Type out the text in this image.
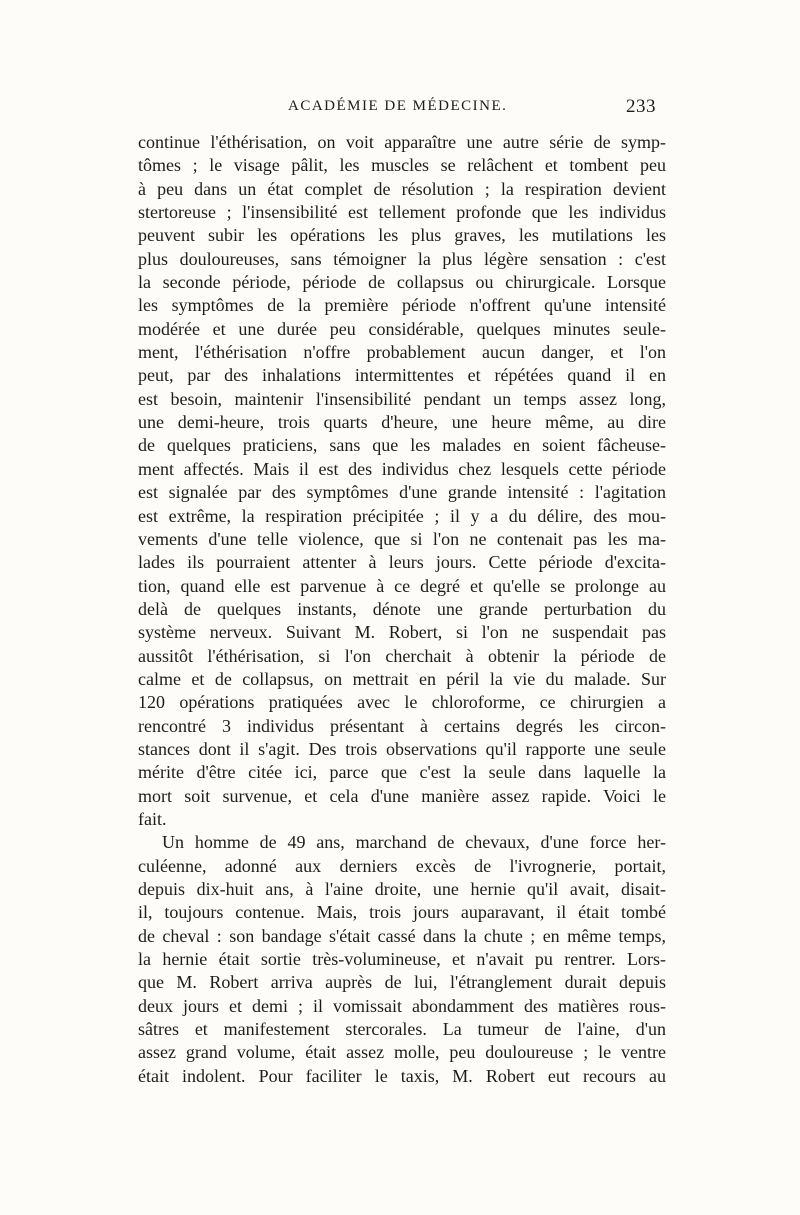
ACADÉMIE DE MÉDECINE.	233
continue l'éthérisation, on voit apparaître une autre série de symp-
tômes ; le visage pâlit, les muscles se relâchent et tombent peu
à peu dans un état complet de résolution ; la respiration devient
stertoreuse ; l'insensibilité est tellement profonde que les individus
peuvent subir les opérations les plus graves, les mutilations les
plus douloureuses, sans témoigner la plus légère sensation : c'est
la seconde période, période de collapsus ou chirurgicale. Lorsque
les symptômes de la première période n'offrent qu'une intensité
modérée et une durée peu considérable, quelques minutes seule-
ment, l'éthérisation n'offre probablement aucun danger, et l'on
peut, par des inhalations intermittentes et répétées quand il en
est besoin, maintenir l'insensibilité pendant un temps assez long,
une demi-heure, trois quarts d'heure, une heure même, au dire
de quelques praticiens, sans que les malades en soient fâcheuse-
ment affectés. Mais il est des individus chez lesquels cette période
est signalée par des symptômes d'une grande intensité : l'agitation
est extrême, la respiration précipitée ; il y a du délire, des mou-
vements d'une telle violence, que si l'on ne contenait pas les ma-
lades ils pourraient attenter à leurs jours. Cette période d'excita-
tion, quand elle est parvenue à ce degré et qu'elle se prolonge au
delà de quelques instants, dénote une grande perturbation du
système nerveux. Suivant M. Robert, si l'on ne suspendait pas
aussitôt l'éthérisation, si l'on cherchait à obtenir la période de
calme et de collapsus, on mettrait en péril la vie du malade. Sur
120 opérations pratiquées avec le chloroforme, ce chirurgien a
rencontré 3 individus présentant à certains degrés les circon-
stances dont il s'agit. Des trois observations qu'il rapporte une seule
mérite d'être citée ici, parce que c'est la seule dans laquelle la
mort soit survenue, et cela d'une manière assez rapide. Voici le
fait.
Un homme de 49 ans, marchand de chevaux, d'une force her-
culéenne, adonné aux derniers excès de l'ivrognerie, portait,
depuis dix-huit ans, à l'aine droite, une hernie qu'il avait, disait-
il, toujours contenue. Mais, trois jours auparavant, il était tombé
de cheval : son bandage s'était cassé dans la chute ; en même temps,
la hernie était sortie très-volumineuse, et n'avait pu rentrer. Lors-
que M. Robert arriva auprès de lui, l'étranglement durait depuis
deux jours et demi ; il vomissait abondamment des matières rous-
sâtres et manifestement stercorales. La tumeur de l'aine, d'un
assez grand volume, était assez molle, peu douloureuse ; le ventre
était indolent. Pour faciliter le taxis, M. Robert eut recours au
